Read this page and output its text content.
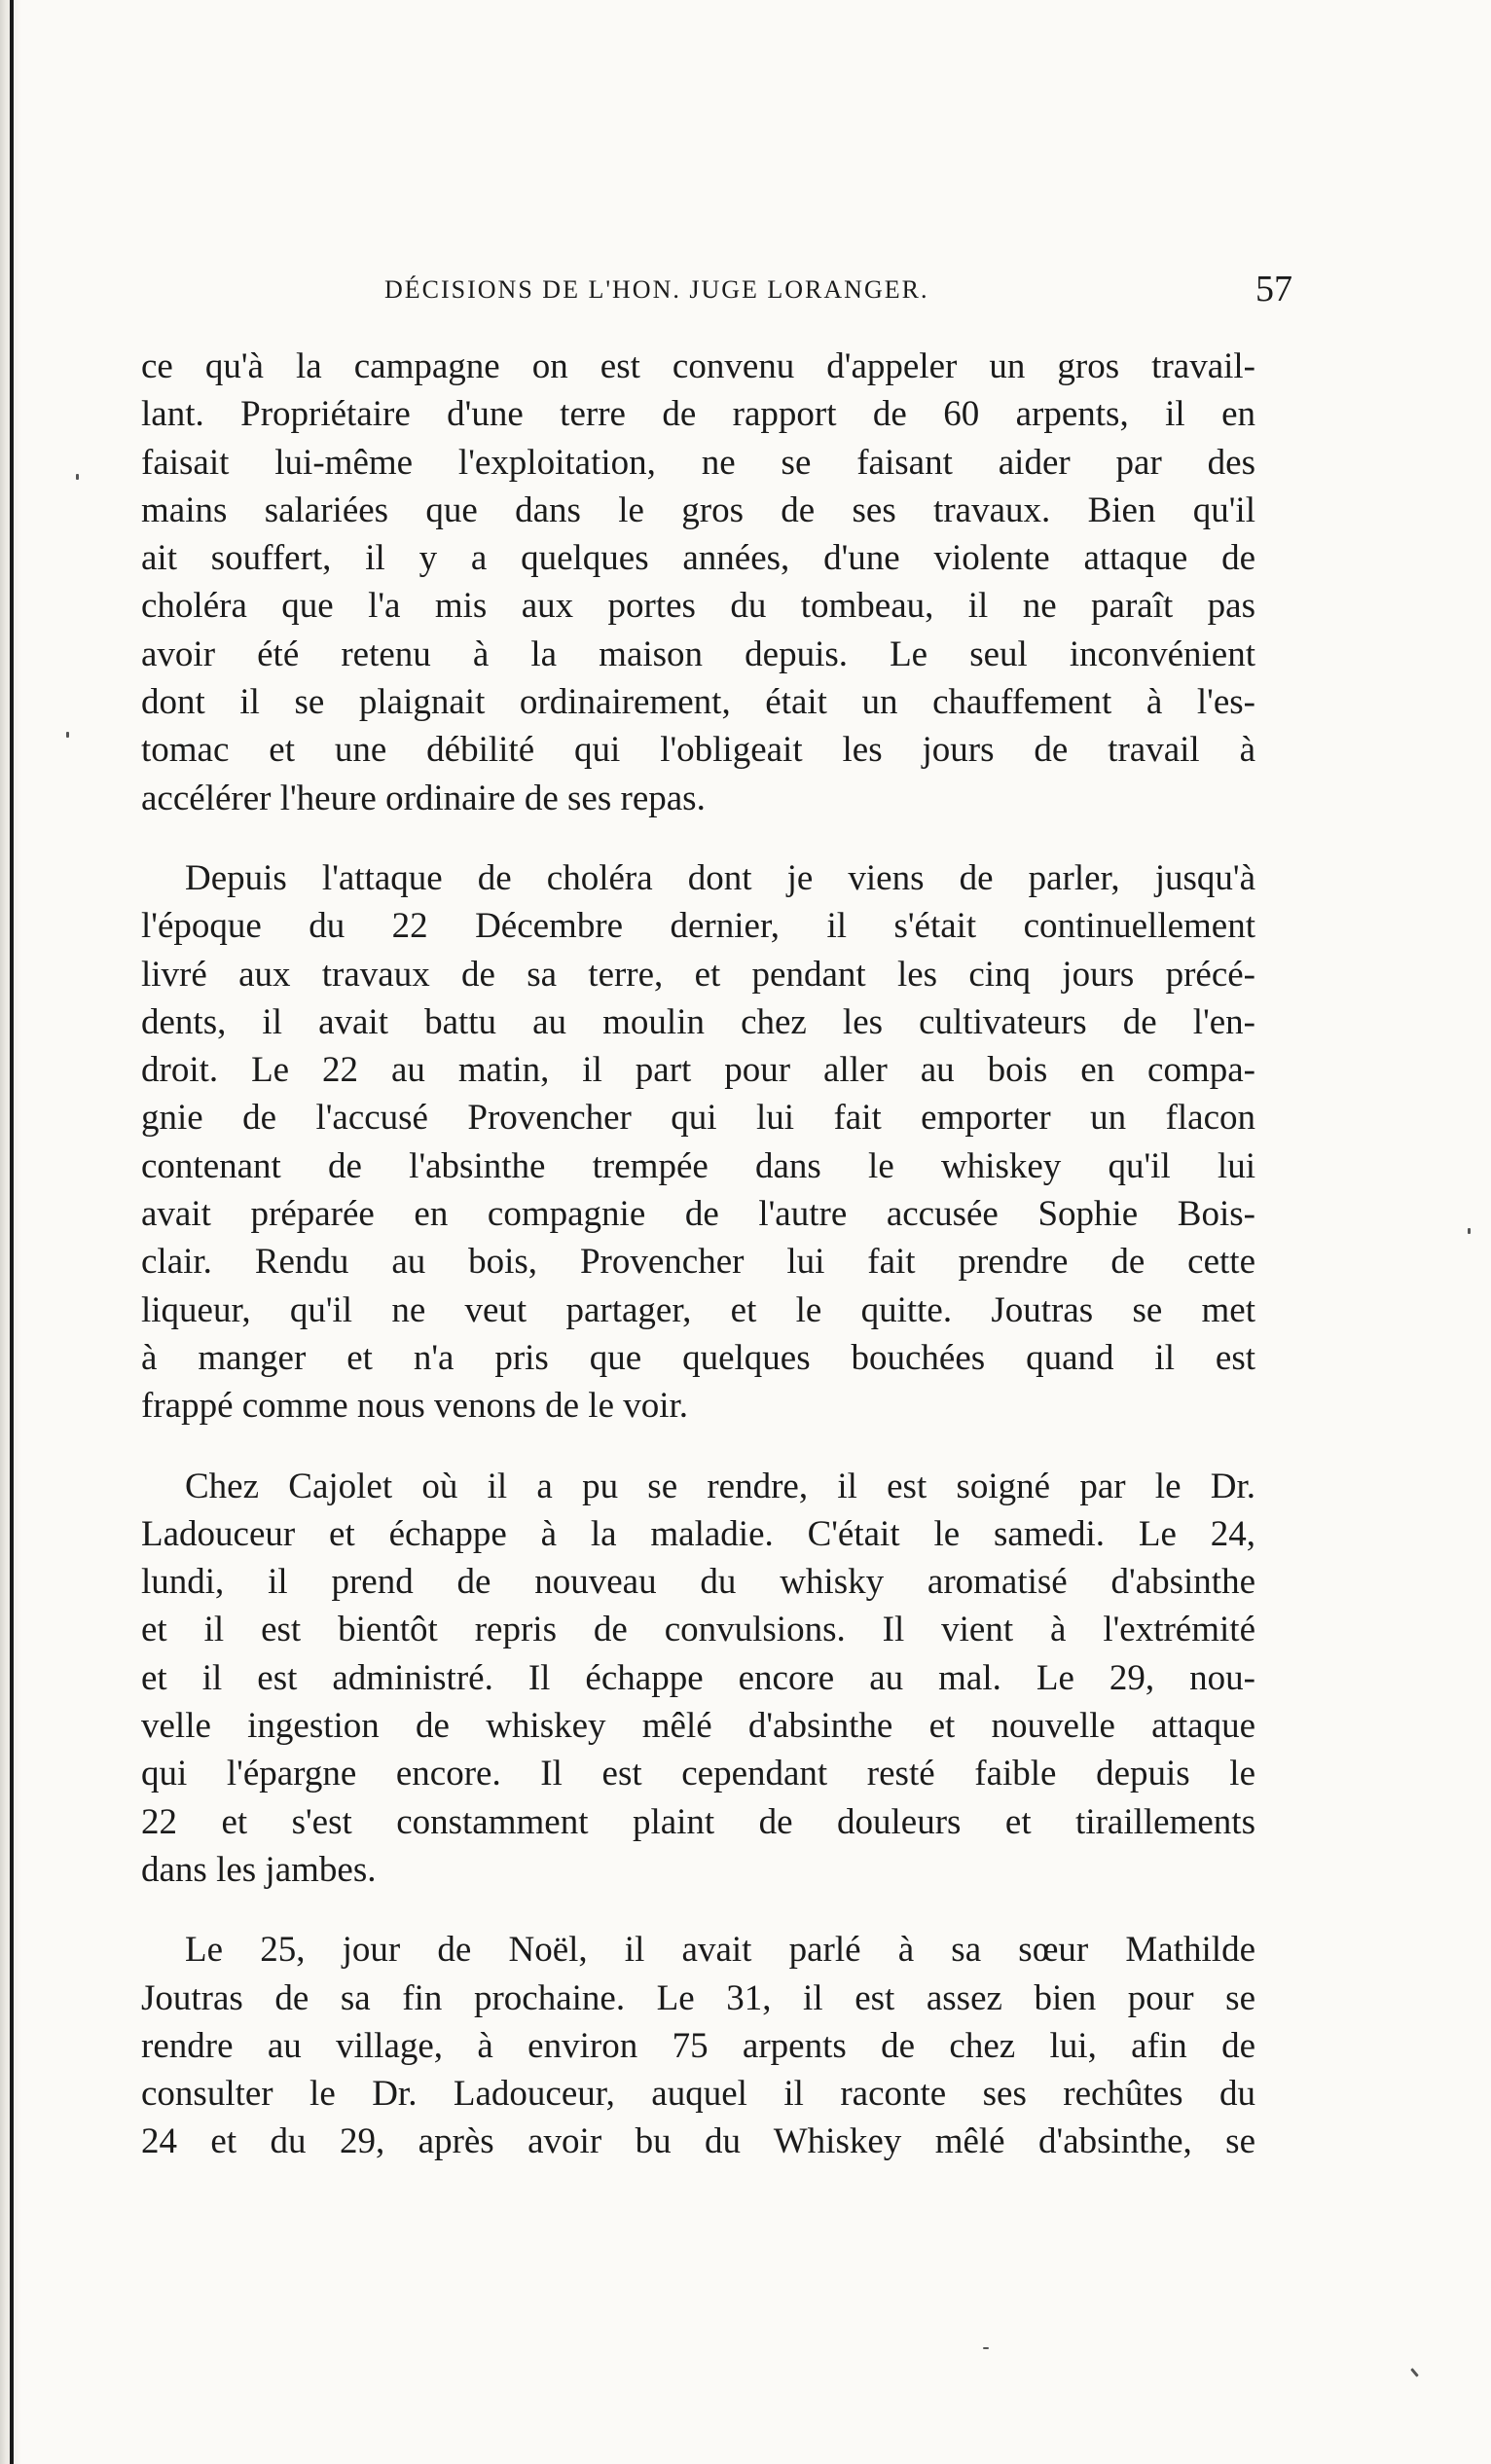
DÉCISIONS DE L'HON. JUGE LORANGER.	57
ce qu'à la campagne on est convenu d'appeler un gros travail-
lant. Propriétaire d'une terre de rapport de 60 arpents, il en
faisait lui-même l'exploitation, ne se faisant aider par des
mains salariées que dans le gros de ses travaux. Bien qu'il
ait souffert, il y a quelques années, d'une violente attaque de
choléra que l'a mis aux portes du tombeau, il ne paraît pas
avoir été retenu à la maison depuis. Le seul inconvénient
dont il se plaignait ordinairement, était un chauffement à l'es-
tomac et une débilité qui l'obligeait les jours de travail à
accélérer l'heure ordinaire de ses repas.
Depuis l'attaque de choléra dont je viens de parler, jusqu'à
l'époque du 22 Décembre dernier, il s'était continuellement
livré aux travaux de sa terre, et pendant les cinq jours précé-
dents, il avait battu au moulin chez les cultivateurs de l'en-
droit. Le 22 au matin, il part pour aller au bois en compa-
gnie de l'accusé Provencher qui lui fait emporter un flacon
contenant de l'absinthe trempée dans le whiskey qu'il lui
avait préparée en compagnie de l'autre accusée Sophie Bois-
clair. Rendu au bois, Provencher lui fait prendre de cette
liqueur, qu'il ne veut partager, et le quitte. Joutras se met
à manger et n'a pris que quelques bouchées quand il est
frappé comme nous venons de le voir.
Chez Cajolet où il a pu se rendre, il est soigné par le Dr.
Ladouceur et échappe à la maladie. C'était le samedi. Le 24,
lundi, il prend de nouveau du whisky aromatisé d'absinthe
et il est bientôt repris de convulsions. Il vient à l'extrémité
et il est administré. Il échappe encore au mal. Le 29, nou-
velle ingestion de whiskey mêlé d'absinthe et nouvelle attaque
qui l'épargne encore. Il est cependant resté faible depuis le
22 et s'est constamment plaint de douleurs et tiraillements
dans les jambes.
Le 25, jour de Noël, il avait parlé à sa sœur Mathilde
Joutras de sa fin prochaine. Le 31, il est assez bien pour se
rendre au village, à environ 75 arpents de chez lui, afin de
consulter le Dr. Ladouceur, auquel il raconte ses rechûtes du
24 et du 29, après avoir bu du Whiskey mêlé d'absinthe, se
